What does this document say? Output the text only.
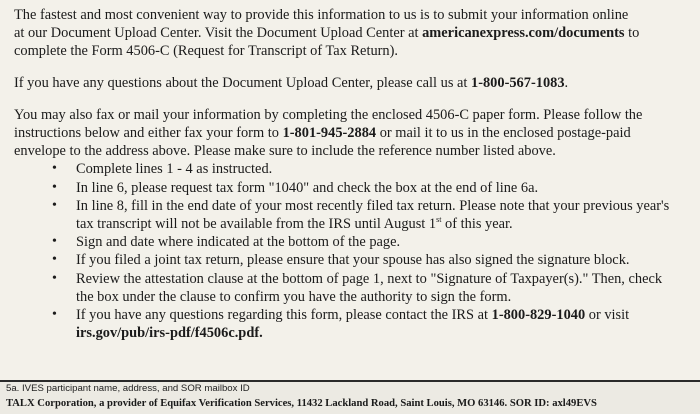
The fastest and most convenient way to provide this information to us is to submit your information online
at our Document Upload Center. Visit the Document Upload Center at americanexpress.com/documents to
complete the Form 4506-C (Request for Transcript of Tax Return).

If you have any questions about the Document Upload Center, please call us at 1-800-567-1083.

You may also fax or mail your information by completing the enclosed 4506-C paper form. Please follow the
instructions below and either fax your form to 1-801-945-2884 or mail it to us in the enclosed postage-paid
envelope to the address above. Please make sure to include the reference number listed above.

• Complete lines 1 - 4 as instructed.
• In line 6, please request tax form "1040" and check the box at the end of line 6a.
• In line 8, fill in the end date of your most recently filed tax return. Please note that your previous year's
tax transcript will not be available from the IRS until August 1st of this year.
• Sign and date where indicated at the bottom of the page.
• If you filed a joint tax return, please ensure that your spouse has also signed the signature block.
• Review the attestation clause at the bottom of page 1, next to "Signature of Taxpayer(s)." Then, check
the box under the clause to confirm you have the authority to sign the form.
• If you have any questions regarding this form, please contact the IRS at 1-800-829-1040 or visit
irs.gov/pub/irs-pdf/f4506c.pdf.
5a. IVES participant name, address, and SOR mailbox ID
TALX Corporation, a provider of Equifax Verification Services, 11432 Lackland Road, Saint Louis, MO 63146. SOR ID: axl49EVS
